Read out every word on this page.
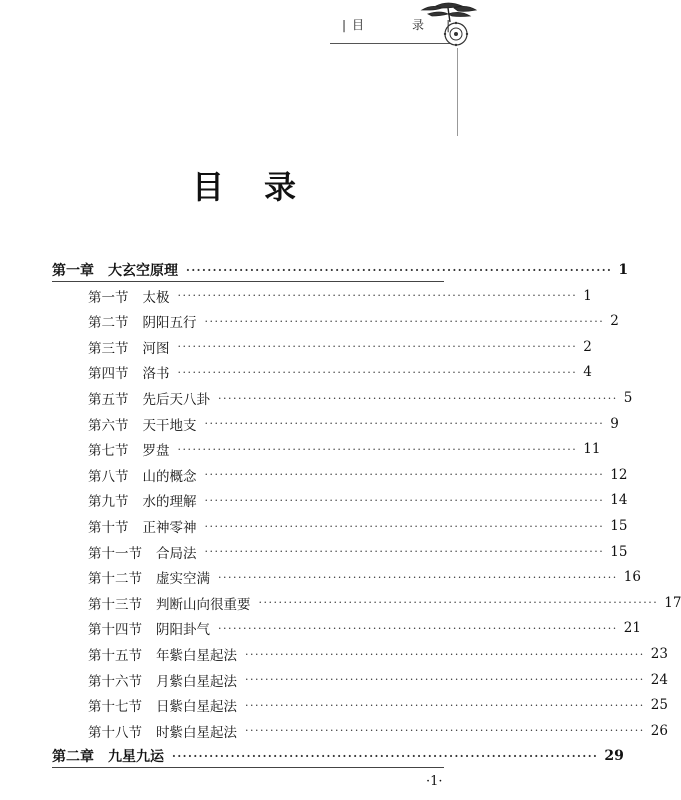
| 目　录 |
目录
第一章 大玄空原理 ················································································ 1
第一节 太极 ················································································ 1
第二节 阴阳五行 ················································································ 2
第三节 河图 ················································································ 2
第四节 洛书 ················································································ 4
第五节 先后天八卦 ················································································ 5
第六节 天干地支 ················································································ 9
第七节 罗盘 ················································································ 11
第八节 山的概念 ················································································ 12
第九节 水的理解 ················································································ 14
第十节 正神零神 ················································································ 15
第十一节 合局法 ················································································ 15
第十二节 虚实空满 ················································································ 16
第十三节 判断山向很重要 ················································································ 17
第十四节 阴阳卦气 ················································································ 21
第十五节 年紫白星起法 ················································································ 23
第十六节 月紫白星起法 ················································································ 24
第十七节 日紫白星起法 ················································································ 25
第十八节 时紫白星起法 ················································································ 26
第二章 九星九运 ················································································ 29
·1·
